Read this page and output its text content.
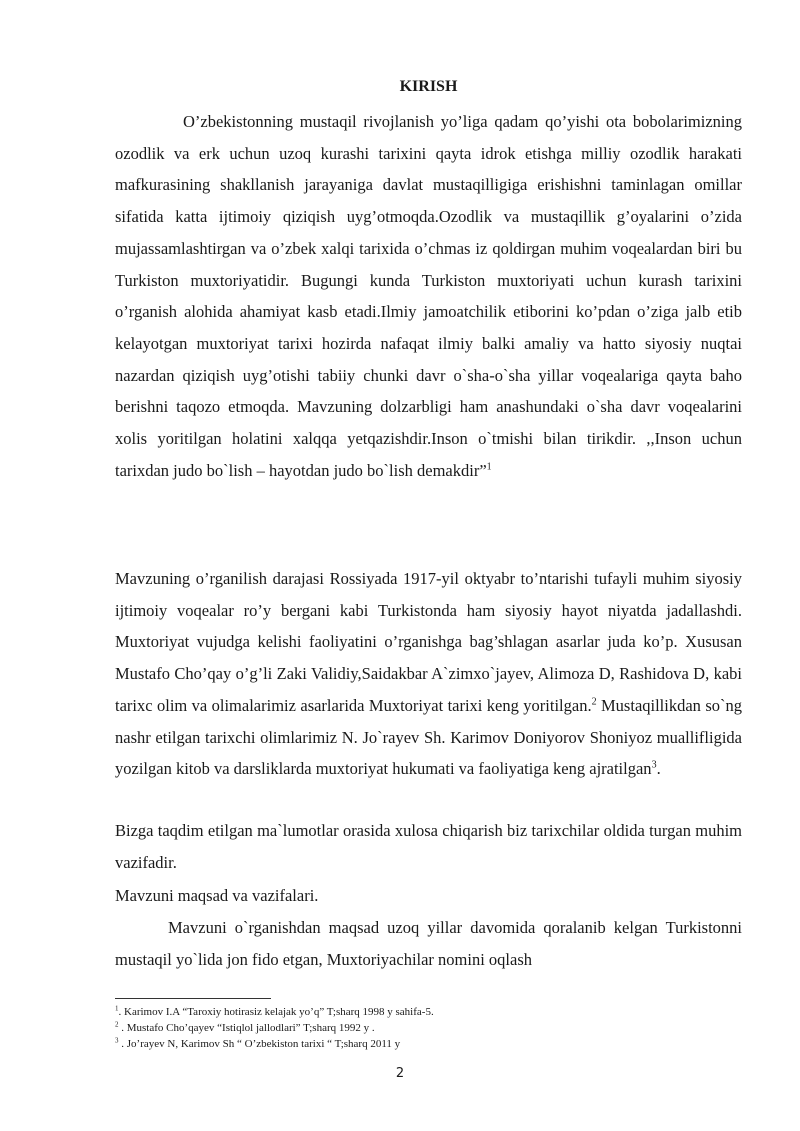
KIRISH

O’zbekistonning mustaqil rivojlanish yo’liga qadam qo’yishi ota bobolarimizning ozodlik va erk uchun uzoq kurashi tarixini qayta idrok etishga milliy ozodlik harakati mafkurasining shakllanish jarayaniga davlat mustaqilligiga erishishni taminlagan omillar sifatida katta ijtimoiy qiziqish uyg’otmoqda.Ozodlik va mustaqillik g’oyalarini o’zida mujassamlashtirgan va o’zbek xalqi tarixida o’chmas iz qoldirgan muhim voqealardan biri bu Turkiston muxtoriyatidir. Bugungi kunda Turkiston muxtoriyati uchun kurash tarixini o’rganish alohida ahamiyat kasb etadi.Ilmiy jamoatchilik etiborini ko’pdan o’ziga jalb etib kelayotgan muxtoriyat tarixi hozirda nafaqat ilmiy balki amaliy va hatto siyosiy nuqtai nazardan qiziqish uyg’otishi tabiiy chunki davr o`sha-o`sha yillar voqealariga qayta baho berishni taqozo etmoqda. Mavzuning dolzarbligi ham anashundaki o`sha davr voqealarini xolis yoritilgan holatini xalqqa yetqazishdir.Inson o`tmishi bilan tirikdir. ,,Inson uchun tarixdan judo bo`lish – hayotdan judo bo`lish demakdir”$^1$

Mavzuning o’rganilish darajasi Rossiyada 1917-yil oktyabr to’ntarishi tufayli muhim siyosiy ijtimoiy voqealar ro’y bergani kabi Turkistonda ham siyosiy hayot niyatda jadallashdi. Muxtoriyat vujudga kelishi faoliyatini o’rganishga bag’shlagan asarlar juda ko’p. Xususan Mustafo Cho’qay o’g’li Zaki Validiy,Saidakbar A`zimxo`jayev, Alimoza D, Rashidova D, kabi tarixc olim va olimalarimiz asarlarida Muxtoriyat tarixi keng yoritilgan.$^2$ Mustaqillikdan so`ng nashr etilgan tarixchi olimlarimiz N. Jo`rayev Sh. Karimov Doniyorov Shoniyoz muallifligida yozilgan kitob va darsliklarda muxtoriyat hukumati va faoliyatiga keng ajratilgan$^3$.

Bizga taqdim etilgan ma`lumotlar orasida xulosa chiqarish biz tarixchilar oldida turgan muhim vazifadir.

Mavzuni maqsad va vazifalari.

Mavzuni o`rganishdan maqsad uzoq yillar davomida qoralanib kelgan Turkistonni mustaqil yo`lida jon fido etgan, Muxtoriyachilar nomini oqlash

$^1$. Karimov I.A “Taroxiy hotirasiz kelajak yo’q” T;sharq 1998 y sahifa-5.
$^2$ . Mustafo Cho’qayev “Istiqlol jallodlari” T;sharq 1992 y .
$^3$ . Jo’rayev N, Karimov Sh “ O’zbekiston tarixi “ T;sharq 2011 y
2
